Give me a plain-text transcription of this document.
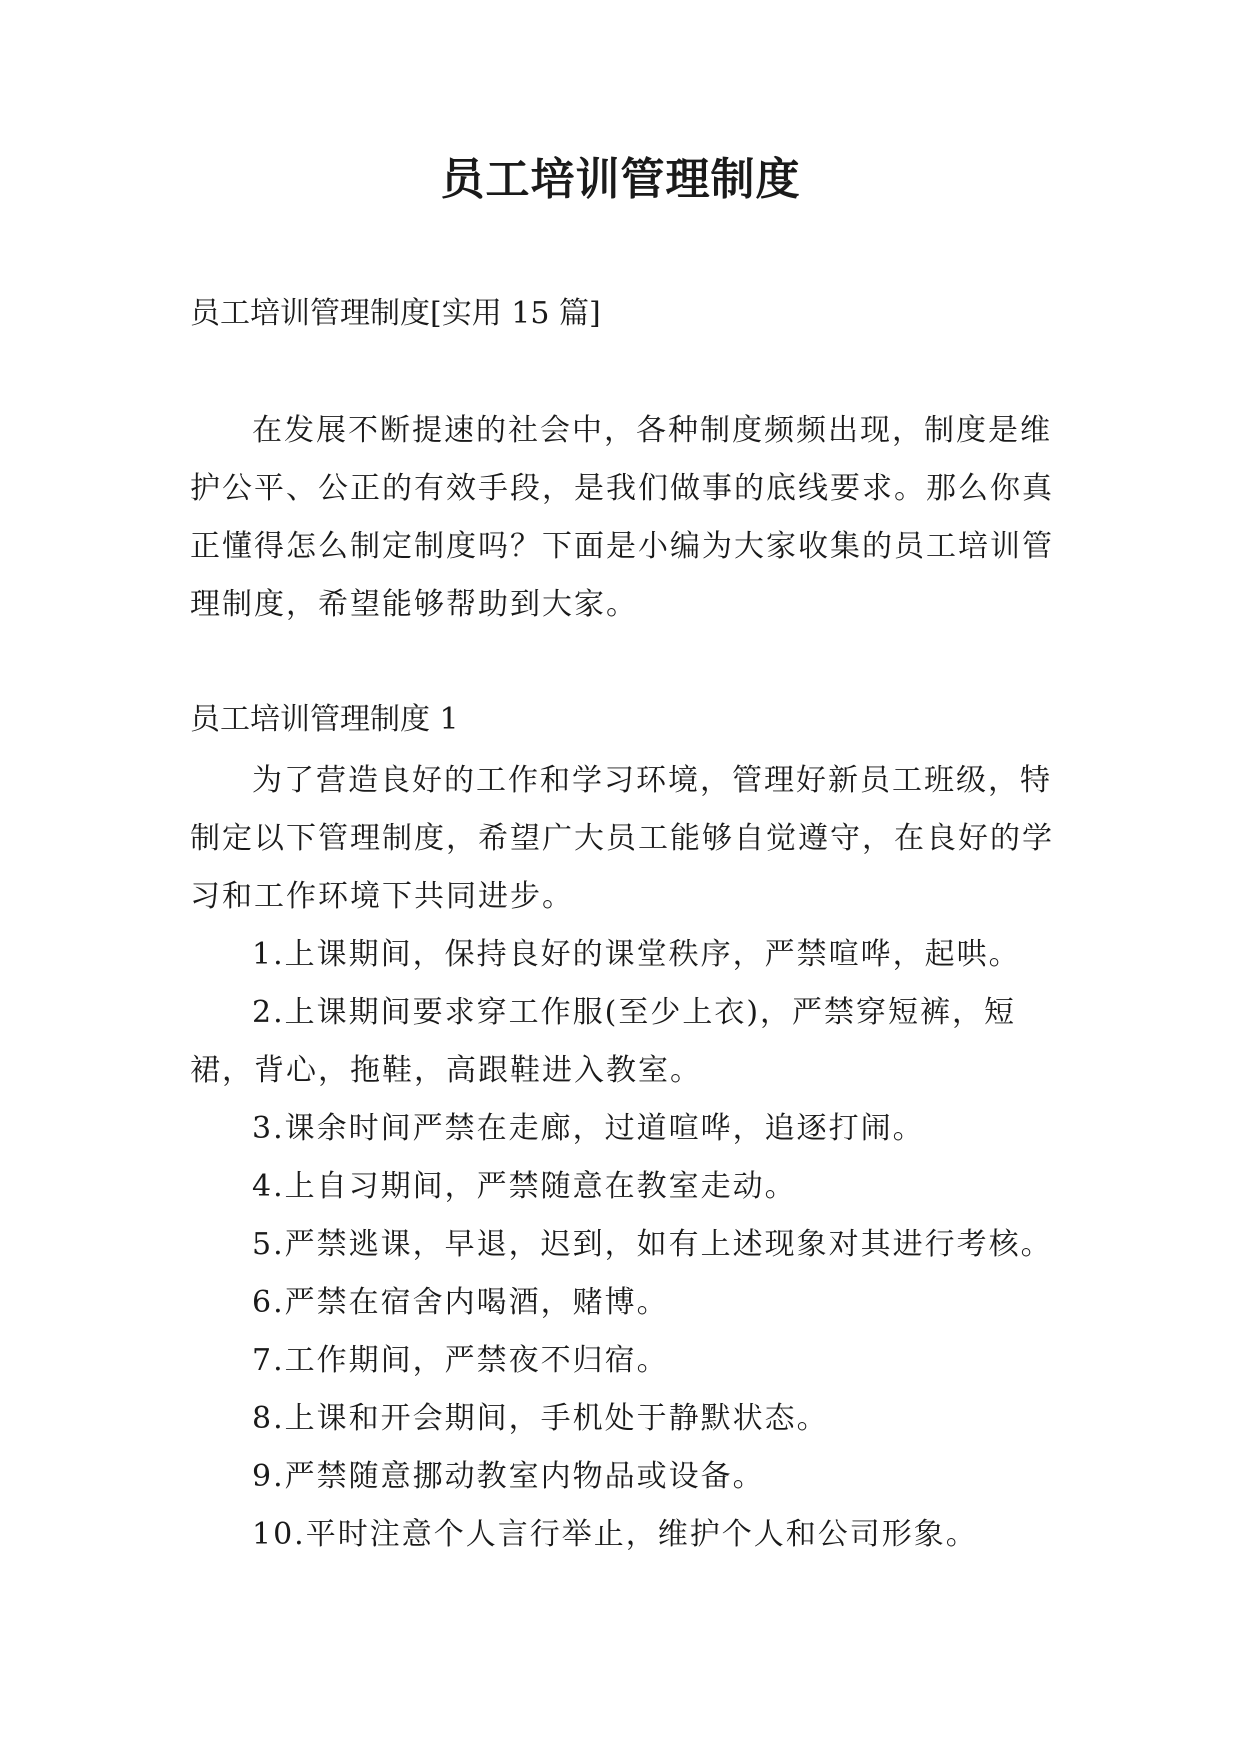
员工培训管理制度
员工培训管理制度[实用 15 篇]

在发展不断提速的社会中，各种制度频频出现，制度是维护公平、公正的有效手段，是我们做事的底线要求。那么你真正懂得怎么制定制度吗？下面是小编为大家收集的员工培训管理制度，希望能够帮助到大家。

员工培训管理制度 1

为了营造良好的工作和学习环境，管理好新员工班级，特制定以下管理制度，希望广大员工能够自觉遵守，在良好的学习和工作环境下共同进步。

1.上课期间，保持良好的课堂秩序，严禁喧哗，起哄。
2.上课期间要求穿工作服(至少上衣)，严禁穿短裤，短裙，背心，拖鞋，高跟鞋进入教室。
3.课余时间严禁在走廊，过道喧哗，追逐打闹。
4.上自习期间，严禁随意在教室走动。
5.严禁逃课，早退，迟到，如有上述现象对其进行考核。
6.严禁在宿舍内喝酒，赌博。
7.工作期间，严禁夜不归宿。
8.上课和开会期间，手机处于静默状态。
9.严禁随意挪动教室内物品或设备。
10.平时注意个人言行举止，维护个人和公司形象。
